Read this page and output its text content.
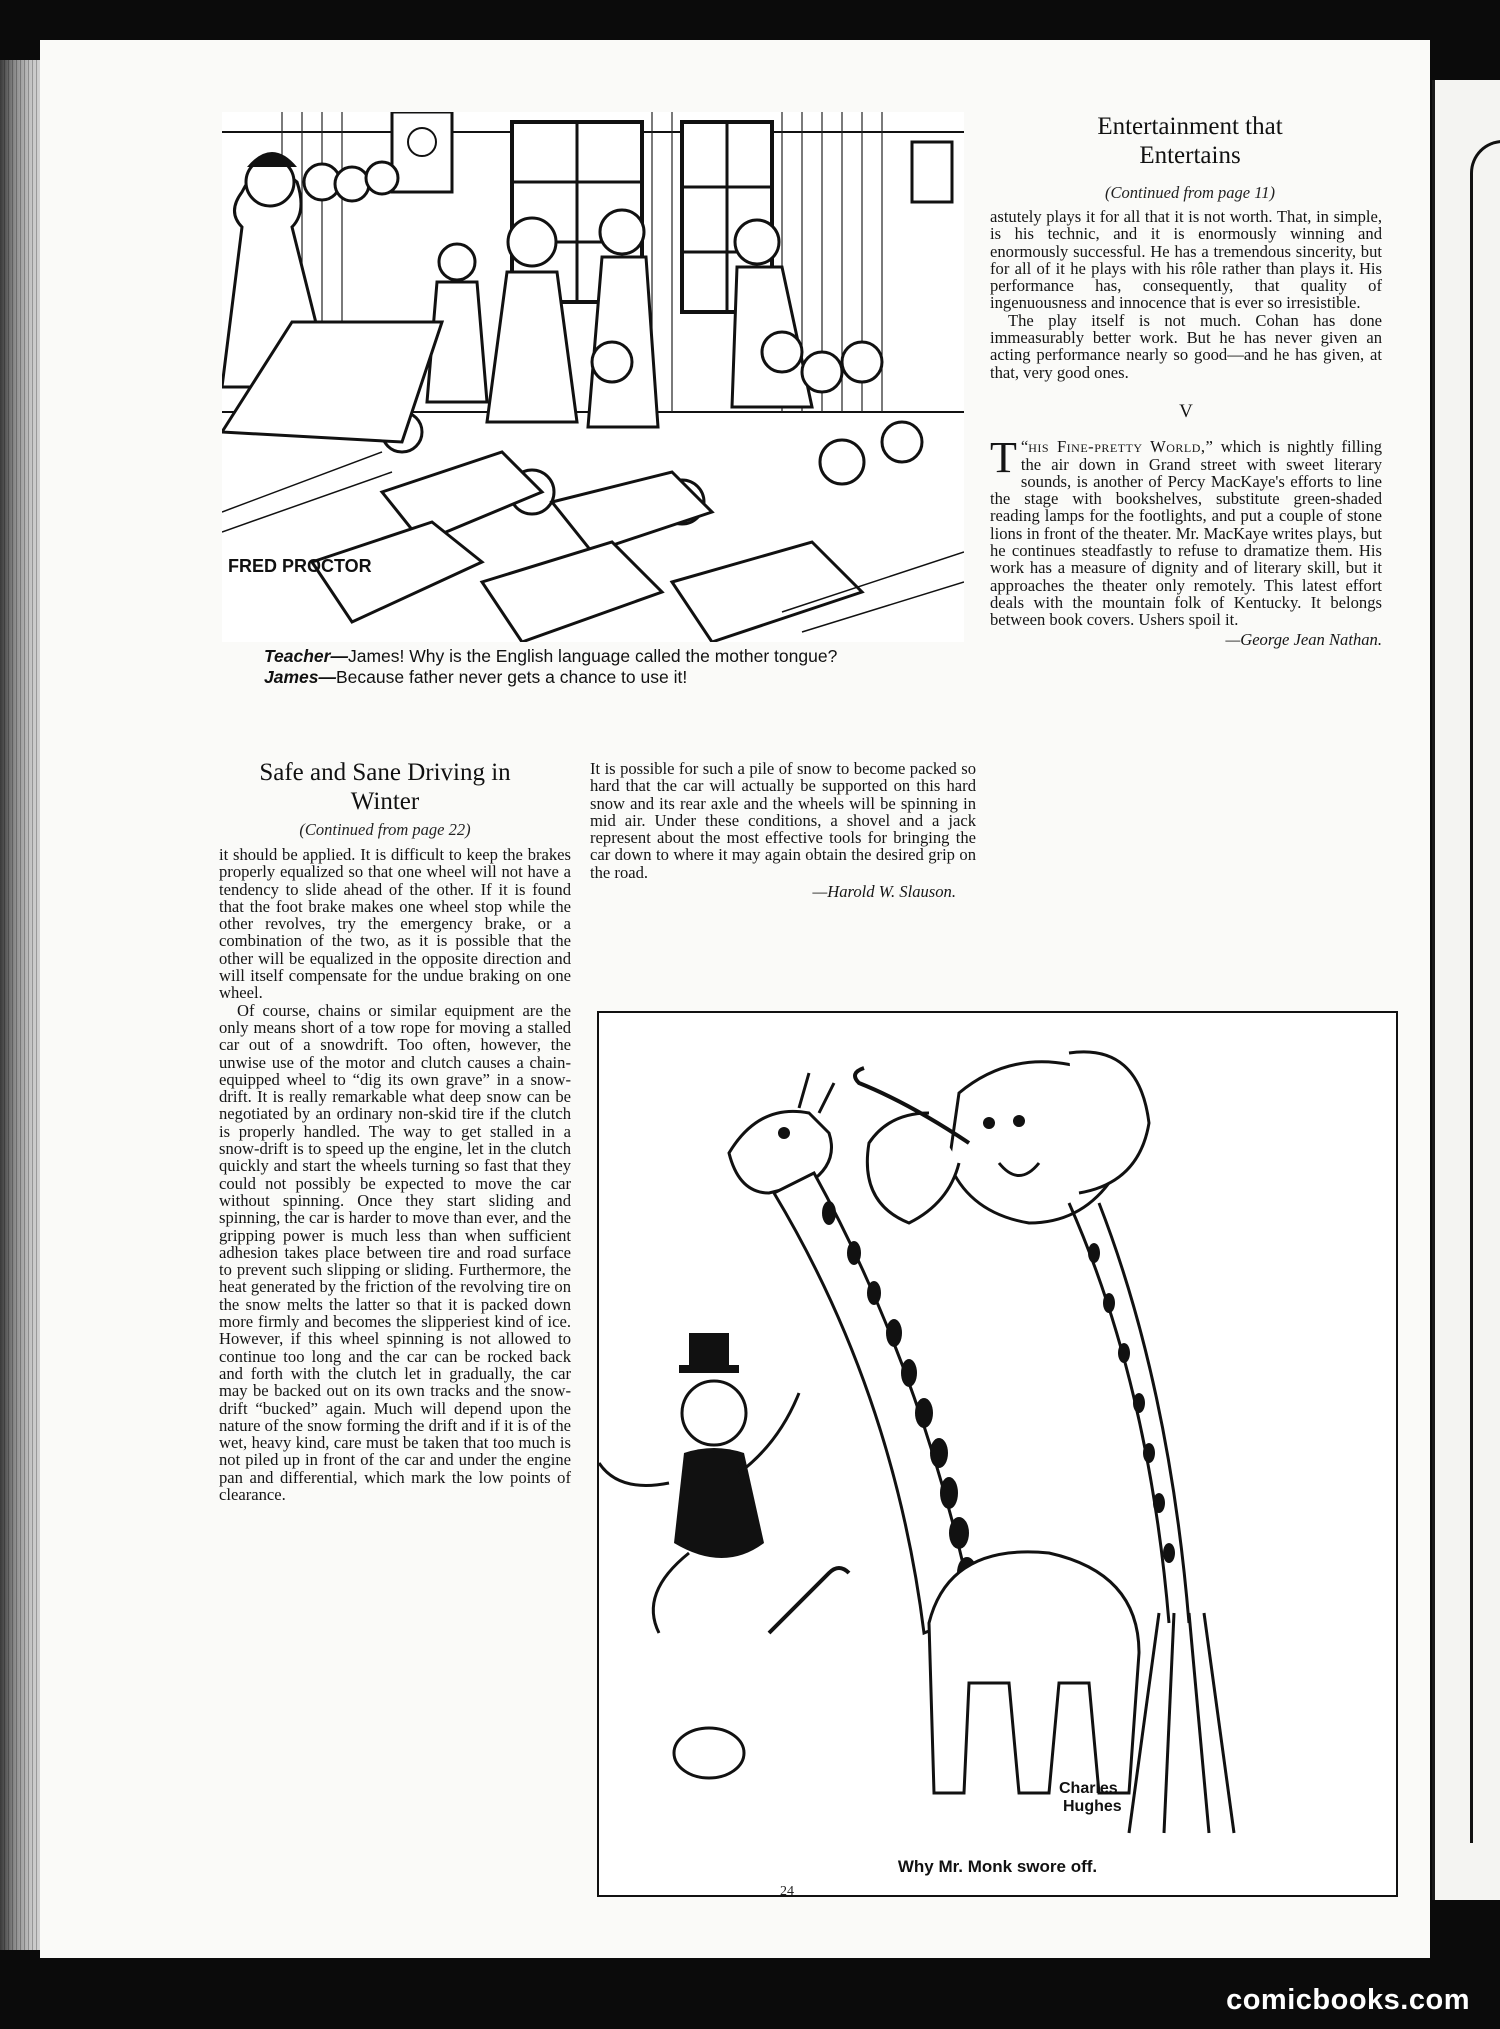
FRED PROCTOR
Teacher—James! Why is the English language called the mother tongue?
James—Because father never gets a chance to use it!
Entertainment that
Entertains
(Continued from page 11)

astutely plays it for all that it is not worth. That, in simple, is his technic, and it is enormously winning and enormously successful. He has a tremendous sincerity, but for all of it he plays with his rôle rather than plays it. His performance has, consequently, that quality of ingenuousness and innocence that is ever so irresistible.

The play itself is not much. Cohan has done immeasurably better work. But he has never given an acting performance nearly so good—and he has given, at that, very good ones.

V

“
T his Fine-pretty World,” which is nightly filling the air down in Grand street with sweet literary sounds, is another of Percy MacKaye's efforts to line the stage with bookshelves, substitute green-shaded reading lamps for the footlights, and put a couple of stone lions in front of the theater. Mr. MacKaye writes plays, but he continues steadfastly to refuse to dramatize them. His work has a measure of dignity and of literary skill, but it approaches the theater only remotely. This latest effort deals with the mountain folk of Kentucky. It belongs between book covers. Ushers spoil it.

—George Jean Nathan.
Safe and Sane Driving in
Winter
(Continued from page 22)

it should be applied. It is difficult to keep the brakes properly equalized so that one wheel will not have a tendency to slide ahead of the other. If it is found that the foot brake makes one wheel stop while the other revolves, try the emergency brake, or a combination of the two, as it is possible that the other will be equalized in the opposite direction and will itself compensate for the undue braking on one wheel.

Of course, chains or similar equipment are the only means short of a tow rope for moving a stalled car out of a snowdrift. Too often, however, the unwise use of the motor and clutch causes a chain-equipped wheel to “dig its own grave” in a snow-drift. It is really remarkable what deep snow can be negotiated by an ordinary non-skid tire if the clutch is properly handled. The way to get stalled in a snow-drift is to speed up the engine, let in the clutch quickly and start the wheels turning so fast that they could not possibly be expected to move the car without spinning. Once they start sliding and spinning, the car is harder to move than ever, and the gripping power is much less than when sufficient adhesion takes place between tire and road surface to prevent such slipping or sliding. Furthermore, the heat generated by the friction of the revolving tire on the snow melts the latter so that it is packed down more firmly and becomes the slipperiest kind of ice. However, if this wheel spinning is not allowed to continue too long and the car can be rocked back and forth with the clutch let in gradually, the car may be backed out on its own tracks and the snow-drift “bucked” again. Much will depend upon the nature of the snow forming the drift and if it is of the wet, heavy kind, care must be taken that too much is not piled up in front of the car and under the engine pan and differential, which mark the low points of clearance.

It is possible for such a pile of snow to become packed so hard that the car will actually be supported on this hard snow and its rear axle and the wheels will be spinning in mid air. Under these conditions, a shovel and a jack represent about the most effective tools for bringing the car down to where it may again obtain the desired grip on the road.

—Harold W. Slauson.
Charles
Hughes
Why Mr. Monk swore off.
24
comicbooks.com
